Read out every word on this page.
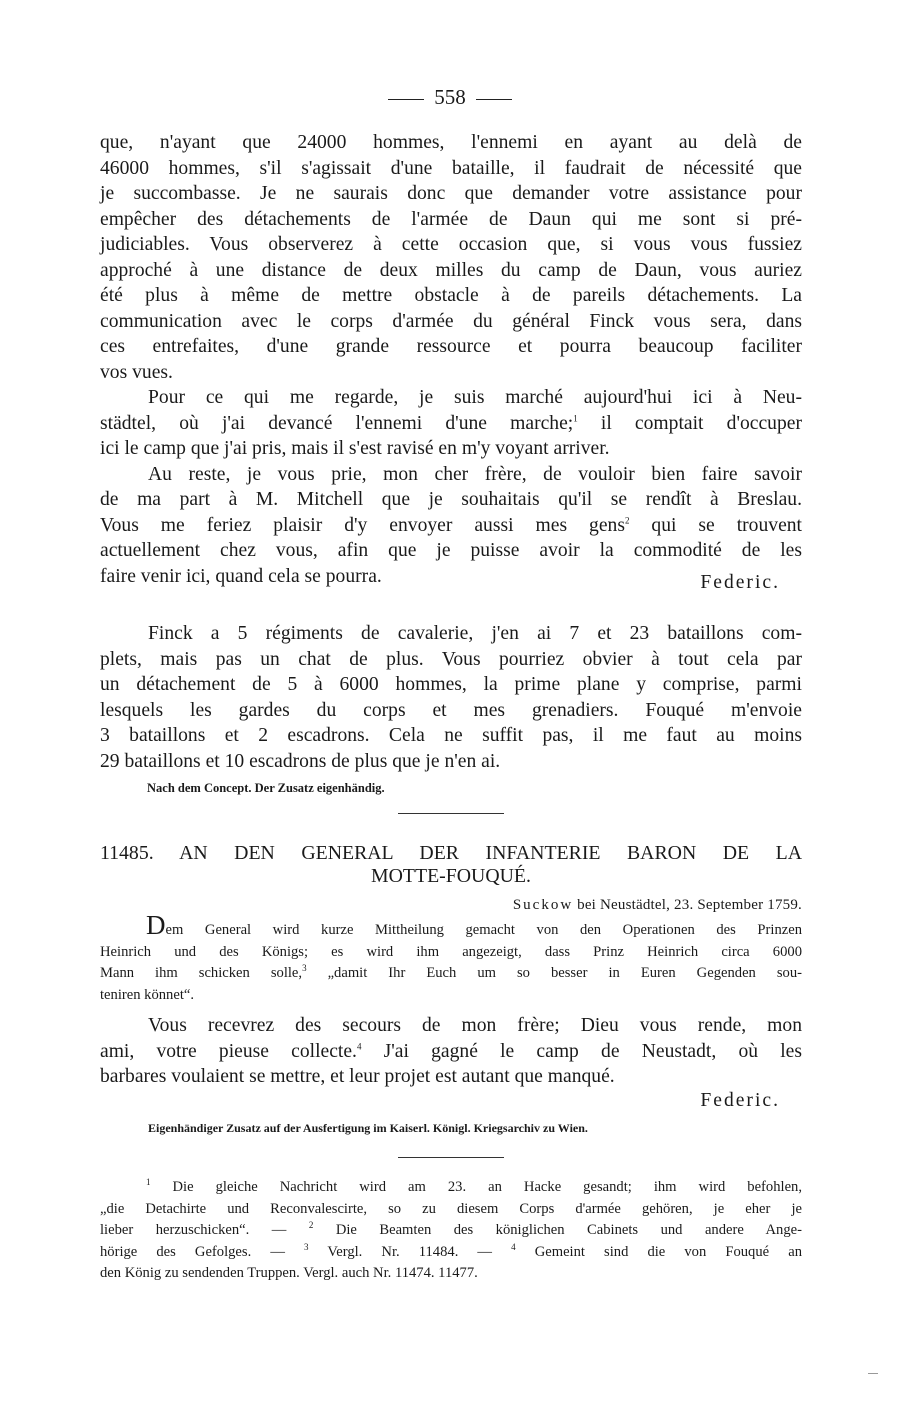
558
que, n'ayant que 24000 hommes, l'ennemi en ayant au delà de
46000 hommes, s'il s'agissait d'une bataille, il faudrait de nécessité que
je succombasse. Je ne saurais donc que demander votre assistance pour
empêcher des détachements de l'armée de Daun qui me sont si pré-
judiciables. Vous observerez à cette occasion que, si vous vous fussiez
approché à une distance de deux milles du camp de Daun, vous auriez
été plus à même de mettre obstacle à de pareils détachements. La
communication avec le corps d'armée du général Finck vous sera, dans
ces entrefaites, d'une grande ressource et pourra beaucoup faciliter
vos vues.
Pour ce qui me regarde, je suis marché aujourd'hui ici à Neu-
städtel, où j'ai devancé l'ennemi d'une marche;$^1$ il comptait d'occuper
ici le camp que j'ai pris, mais il s'est ravisé en m'y voyant arriver.
Au reste, je vous prie, mon cher frère, de vouloir bien faire savoir
de ma part à M. Mitchell que je souhaitais qu'il se rendît à Breslau.
Vous me feriez plaisir d'y envoyer aussi mes gens$^2$ qui se trouvent
actuellement chez vous, afin que je puisse avoir la commodité de les
faire venir ici, quand cela se pourra.	Federic.
Finck a 5 régiments de cavalerie, j'en ai 7 et 23 bataillons com-
plets, mais pas un chat de plus. Vous pourriez obvier à tout cela par
un détachement de 5 à 6000 hommes, la prime plane y comprise, parmi
lesquels les gardes du corps et mes grenadiers. Fouqué m'envoie
3 bataillons et 2 escadrons. Cela ne suffit pas, il me faut au moins
29 bataillons et 10 escadrons de plus que je n'en ai.
Nach dem Concept. Der Zusatz eigenhändig.
11485. AN DEN GENERAL DER INFANTERIE BARON DE LA
MOTTE-FOUQUÉ.
Suckow bei Neustädtel, 23. September 1759.
Dem General wird kurze Mittheilung gemacht von den Operationen des Prinzen
Heinrich und des Königs; es wird ihm angezeigt, dass Prinz Heinrich circa 6000
Mann ihm schicken solle,$^3$ „damit Ihr Euch um so besser in Euren Gegenden sou-
teniren könnet“.
Vous recevrez des secours de mon frère; Dieu vous rende, mon
ami, votre pieuse collecte.$^4$ J'ai gagné le camp de Neustadt, où les
barbares voulaient se mettre, et leur projet est autant que manqué.
Federic.
Eigenhändiger Zusatz auf der Ausfertigung im Kaiserl. Königl. Kriegsarchiv zu Wien.
$^1$ Die gleiche Nachricht wird am 23. an Hacke gesandt; ihm wird befohlen,
„die Detachirte und Reconvalescirte, so zu diesem Corps d'armée gehören, je eher je
lieber herzuschicken“. — $^2$ Die Beamten des königlichen Cabinets und andere Ange-
hörige des Gefolges. — $^3$ Vergl. Nr. 11484. — $^4$ Gemeint sind die von Fouqué an
den König zu sendenden Truppen. Vergl. auch Nr. 11474. 11477.
